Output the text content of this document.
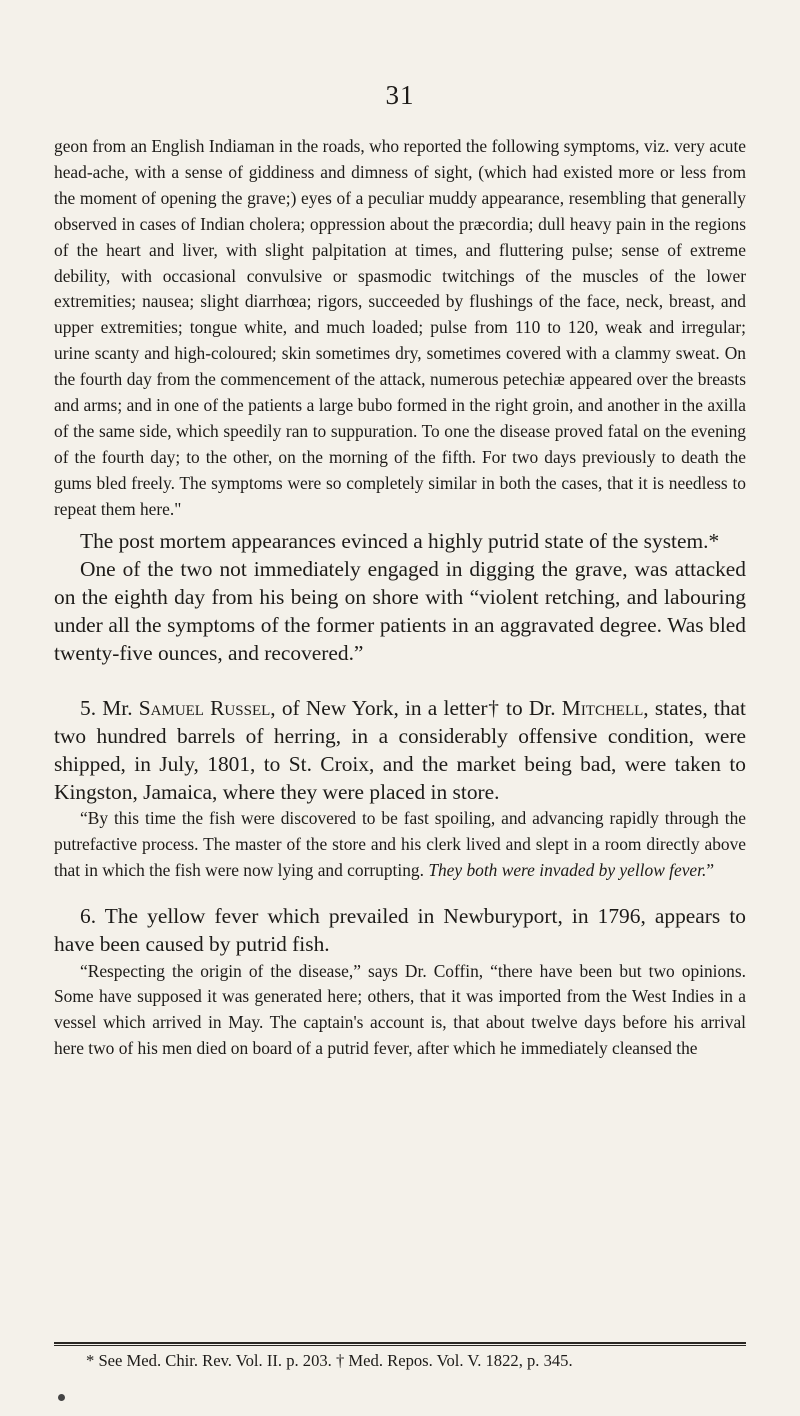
31

geon from an English Indiaman in the roads, who reported the following symptoms, viz. very acute head-ache, with a sense of giddiness and dimness of sight, (which had existed more or less from the moment of opening the grave;) eyes of a peculiar muddy appearance, resembling that generally observed in cases of Indian cholera; oppression about the præcordia; dull heavy pain in the regions of the heart and liver, with slight palpitation at times, and fluttering pulse; sense of extreme debility, with occasional convulsive or spasmodic twitchings of the muscles of the lower extremities; nausea; slight diarrhœa; rigors, succeeded by flushings of the face, neck, breast, and upper extremities; tongue white, and much loaded; pulse from 110 to 120, weak and irregular; urine scanty and high-coloured; skin sometimes dry, sometimes covered with a clammy sweat. On the fourth day from the commencement of the attack, numerous petechiæ appeared over the breasts and arms; and in one of the patients a large bubo formed in the right groin, and another in the axilla of the same side, which speedily ran to suppuration. To one the disease proved fatal on the evening of the fourth day; to the other, on the morning of the fifth. For two days previously to death the gums bled freely. The symptoms were so completely similar in both the cases, that it is needless to repeat them here."

The post mortem appearances evinced a highly putrid state of the system.*

One of the two not immediately engaged in digging the grave, was attacked on the eighth day from his being on shore with “violent retching, and labouring under all the symptoms of the former patients in an aggravated degree. Was bled twenty-five ounces, and recovered.”

5. Mr. Samuel Russel, of New York, in a letter† to Dr. Mitchell, states, that two hundred barrels of herring, in a considerably offensive condition, were shipped, in July, 1801, to St. Croix, and the market being bad, were taken to Kingston, Jamaica, where they were placed in store.

“By this time the fish were discovered to be fast spoiling, and advancing rapidly through the putrefactive process. The master of the store and his clerk lived and slept in a room directly above that in which the fish were now lying and corrupting. They both were invaded by yellow fever.”

6. The yellow fever which prevailed in Newburyport, in 1796, appears to have been caused by putrid fish.

“Respecting the origin of the disease,” says Dr. Coffin, “there have been but two opinions. Some have supposed it was generated here; others, that it was imported from the West Indies in a vessel which arrived in May. The captain's account is, that about twelve days before his arrival here two of his men died on board of a putrid fever, after which he immediately cleansed the

* See Med. Chir. Rev. Vol. II. p. 203. † Med. Repos. Vol. V. 1822, p. 345.
